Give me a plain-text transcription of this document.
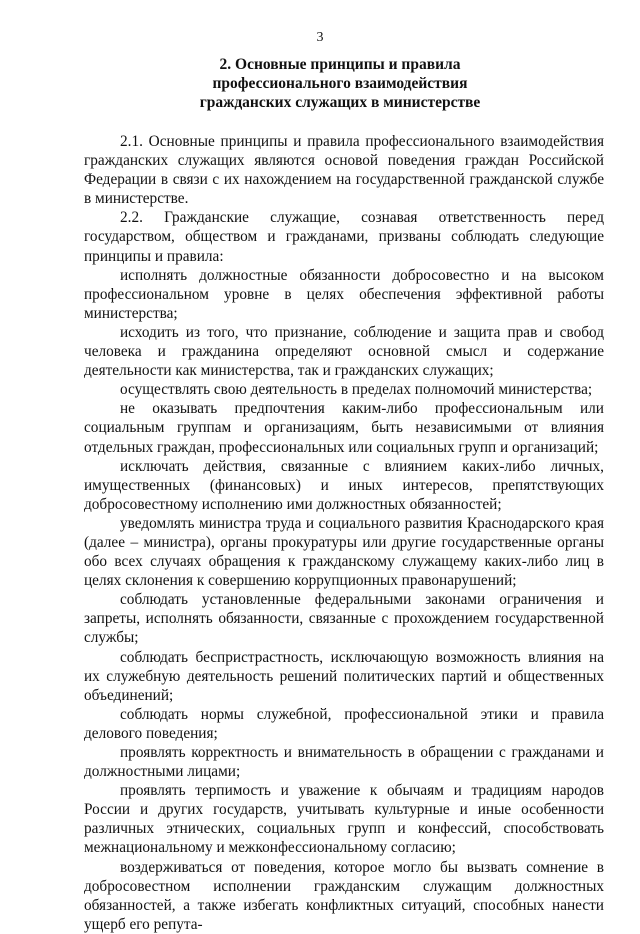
3
2. Основные принципы и правила
профессионального взаимодействия
гражданских служащих в министерстве

2.1. Основные принципы и правила профессионального взаимодействия гражданских служащих являются основой поведения граждан Российской Федерации в связи с их нахождением на государственной гражданской службе в министерстве.

2.2. Гражданские служащие, сознавая ответственность перед государством, обществом и гражданами, призваны соблюдать следующие принципы и правила:

исполнять должностные обязанности добросовестно и на высоком профессиональном уровне в целях обеспечения эффективной работы министерства;

исходить из того, что признание, соблюдение и защита прав и свобод человека и гражданина определяют основной смысл и содержание деятельности как министерства, так и гражданских служащих;

осуществлять свою деятельность в пределах полномочий министерства;

не оказывать предпочтения каким-либо профессиональным или социальным группам и организациям, быть независимыми от влияния отдельных граждан, профессиональных или социальных групп и организаций;

исключать действия, связанные с влиянием каких-либо личных, имущественных (финансовых) и иных интересов, препятствующих добросовестному исполнению ими должностных обязанностей;

уведомлять министра труда и социального развития Краснодарского края (далее – министра), органы прокуратуры или другие государственные органы обо всех случаях обращения к гражданскому служащему каких-либо лиц в целях склонения к совершению коррупционных правонарушений;

соблюдать установленные федеральными законами ограничения и запреты, исполнять обязанности, связанные с прохождением государственной службы;

соблюдать беспристрастность, исключающую возможность влияния на их служебную деятельность решений политических партий и общественных объединений;

соблюдать нормы служебной, профессиональной этики и правила делового поведения;

проявлять корректность и внимательность в обращении с гражданами и должностными лицами;

проявлять терпимость и уважение к обычаям и традициям народов России и других государств, учитывать культурные и иные особенности различных этнических, социальных групп и конфессий, способствовать межнациональному и межконфессиональному согласию;

воздерживаться от поведения, которое могло бы вызвать сомнение в добросовестном исполнении гражданским служащим должностных обязанностей, а также избегать конфликтных ситуаций, способных нанести ущерб его репута-
